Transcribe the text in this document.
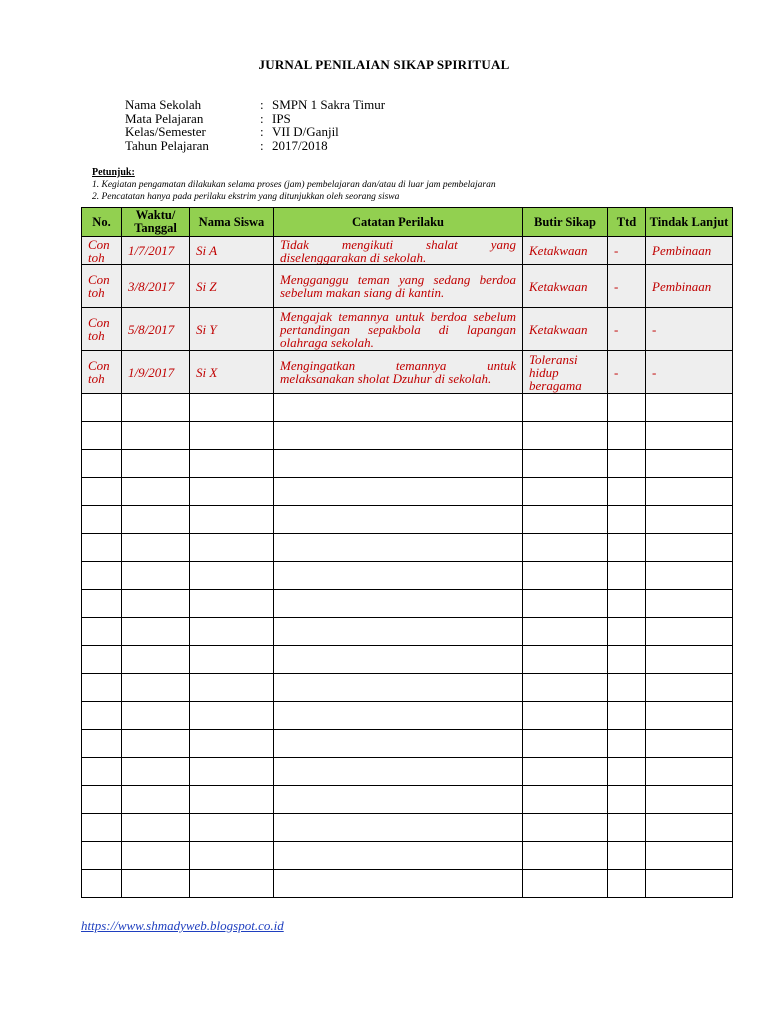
JURNAL PENILAIAN SIKAP SPIRITUAL
Nama Sekolah	: SMPN 1 Sakra Timur
Mata Pelajaran	: IPS
Kelas/Semester	: VII D/Ganjil
Tahun Pelajaran	: 2017/2018
Petunjuk:
1. Kegiatan pengamatan dilakukan selama proses (jam) pembelajaran dan/atau di luar jam pembelajaran
2. Pencatatan hanya pada perilaku ekstrim yang ditunjukkan oleh seorang siswa
No.	Waktu/ Tanggal	Nama Siswa	Catatan Perilaku	Butir Sikap	Ttd	Tindak Lanjut
Con toh	1/7/2017	Si A	Tidak mengikuti shalat yang diselenggarakan di sekolah.	Ketakwaan	-	Pembinaan
Con toh	3/8/2017	Si Z	Mengganggu teman yang sedang berdoa sebelum makan siang di kantin.	Ketakwaan	-	Pembinaan
Con toh	5/8/2017	Si Y	Mengajak temannya untuk berdoa sebelum pertandingan sepakbola di lapangan olahraga sekolah.	Ketakwaan	-	-
Con toh	1/9/2017	Si X	Mengingatkan temannya untuk melaksanakan sholat Dzuhur di sekolah.	Toleransi hidup beragama	-	-

https://www.shmadyweb.blogspot.co.id
